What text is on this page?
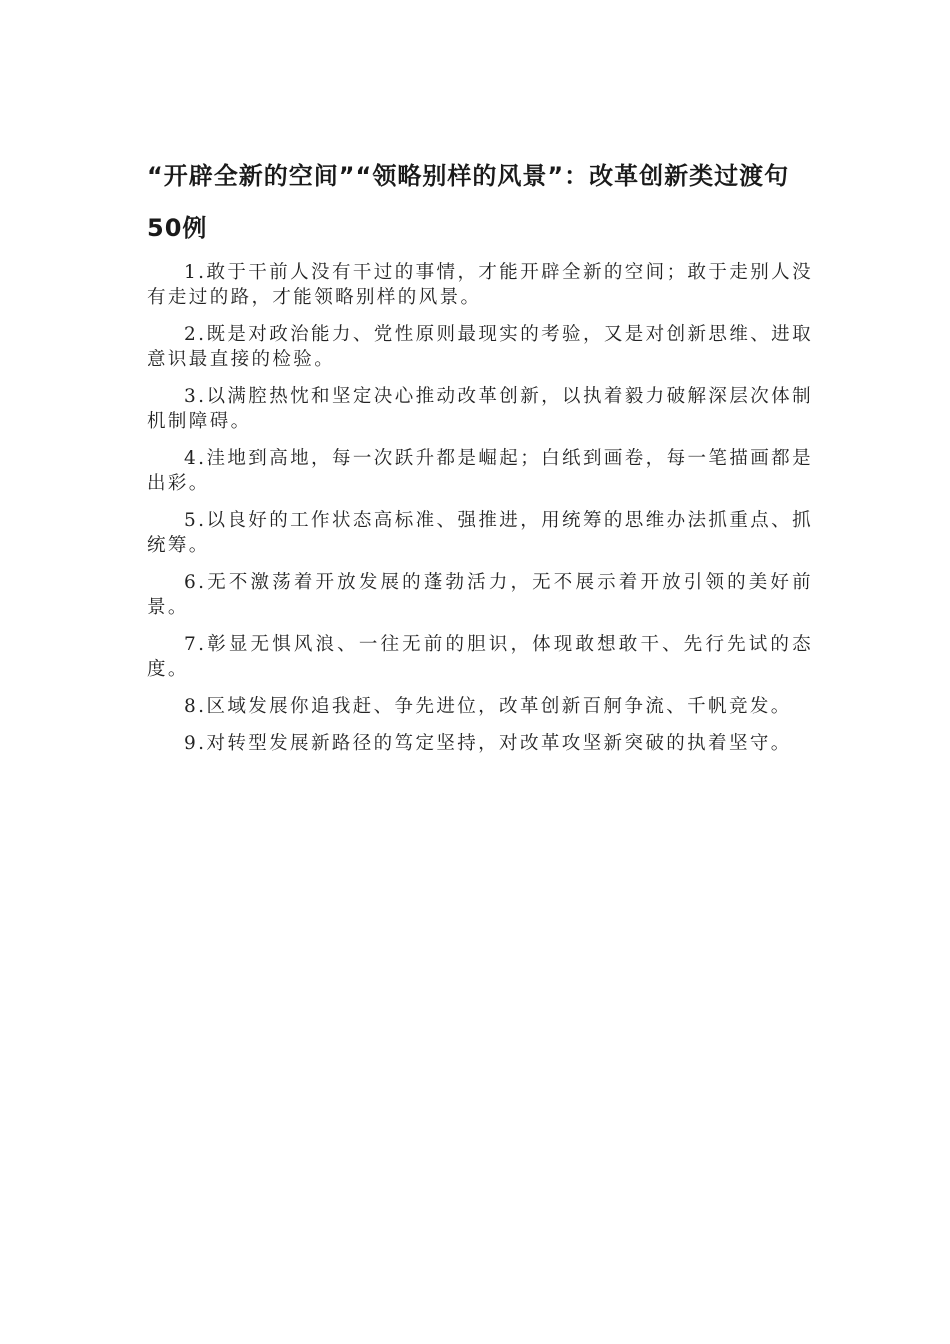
“开辟全新的空间”“领略别样的风景”：改革创新类过渡句50例
1.敢于干前人没有干过的事情，才能开辟全新的空间；敢于走别人没有走过的路，才能领略别样的风景。
2.既是对政治能力、党性原则最现实的考验，又是对创新思维、进取意识最直接的检验。
3.以满腔热忱和坚定决心推动改革创新，以执着毅力破解深层次体制机制障碍。
4.洼地到高地，每一次跃升都是崛起；白纸到画卷，每一笔描画都是出彩。
5.以良好的工作状态高标准、强推进，用统筹的思维办法抓重点、抓统筹。
6.无不激荡着开放发展的蓬勃活力，无不展示着开放引领的美好前景。
7.彰显无惧风浪、一往无前的胆识，体现敢想敢干、先行先试的态度。
8.区域发展你追我赶、争先进位，改革创新百舸争流、千帆竞发。
9.对转型发展新路径的笃定坚持，对改革攻坚新突破的执着坚守。
